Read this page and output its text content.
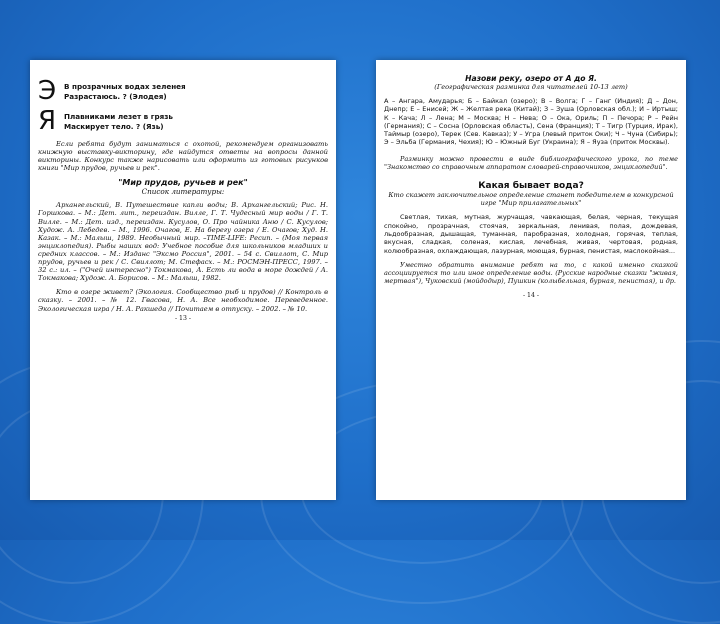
Э В прозрачных водах зеленея
Разрастаюсь. ? (Элодея)
Я Плавниками лезет в грязь
Маскирует тело. ? (Язь)
Если ребята будут заниматься с охотой, рекомендуем организовать книжную выставку-викторину, где найдутся ответы на вопросы данной викторины. Конкурс также нарисовать или оформить из готовых рисунков книги "Мир прудов, ручьев и рек".
"Мир прудов, ручьев и рек"
Список литературы:
Архангельский, В. Путешествие капли воды; В. Архангельский; Рис. Н. Горшкова. – М.: Дет. лит., переиздан. Вилле, Г. Т. Чудесный мир воды / Г. Т. Вилле. – М.: Дет. изд., переиздан. Кусулов, О. Про чайника Аню / С. Кусулов; Худож. А. Лебедев. – М., 1996. Очагов, Е. На берегу озера / Е. Очагов; Худ. Н. Казак. – М.: Малыш, 1989. Необычный мир. –TIME-LIFE: Ресип. – (Моя первая энциклопедия). Рыбы наших вод: Учебное пособие для школьников младших и средних классов. – М.: Изданс "Эксмо Россия", 2001. – 54 с. Свиллот, С. Мир прудов, ручьев и рек / С. Свиллот; М. Стефасх. – М.: РОСМЭН-ПРЕСС, 1997. – 32 с.: ил. – ("Очей интересно") Токмакова, А. Есть ли вода в море дождей / А. Токмакова; Худож. А. Борисов. – М.: Малыш, 1982.
Кто в озере живет? (Экология. Сообщество рыб и прудов) // Контроль в сказку. – 2001. – № 12. Гвасова, Н. А. Все необходимое. Переведенное. Экологическая игра / Н. А. Ракшеда // Почитаем в отпуску. – 2002. – № 10.
- 13 -
Назови реку, озеро от А до Я.
(Географическая разминка для читателей 10-13 лет)
А – Ангара, Амударья; Б – Байкал (озеро); В – Волга; Г – Ганг (Индия); Д – Дон, Днепр; Е – Енисей; Ж – Желтая река (Китай); З – Зуша (Орловская обл.); И – Иртыш; К – Кача; Л – Лена; М – Москва; Н – Нева; О – Ока, Ориль; П – Печора; Р – Рейн (Германия); С – Сосна (Орловская область), Сена (Франция); Т – Тигр (Турция, Ирак), Таймыр (озеро), Терек (Сев. Кавказ); У – Угра (левый приток Оки); Ч – Чуна (Сибирь); Э – Эльба (Германия, Чехия); Ю – Южный Буг (Украина); Я – Яуза (приток Москвы).
Разминку можно провести в виде библиографического урока, по теме "Знакомство со справочным аппаратом словарей-справочников, энциклопедий".
Какая бывает вода?
Кто скажет заключительное определение станет победителем в конкурсной игре "Мир прилагательных"
Светлая, тихая, мутная, журчащая, чавкающая, белая, черная, текущая спокойно, прозрачная, стоячая, зеркальная, ленивая, полая, дождевая, льдообразная, дышащая, туманная, паробразная, холодная, горячая, теплая, вкусная, сладкая, соленая, кислая, лечебная, живая, чертовая, родная, колюобразная, охлаждающая, лазурная, моющая, бурная, пенистая, маслокойная...
Уместно обратить внимание ребят на то, с какой именно сказкой ассоциируется то или иное определение воды. (Русские народные сказки "живая, мертвая"), Чуковский (мойдодыр), Пушкин (колыбельная, бурная, пенистая), и др.
- 14 -
